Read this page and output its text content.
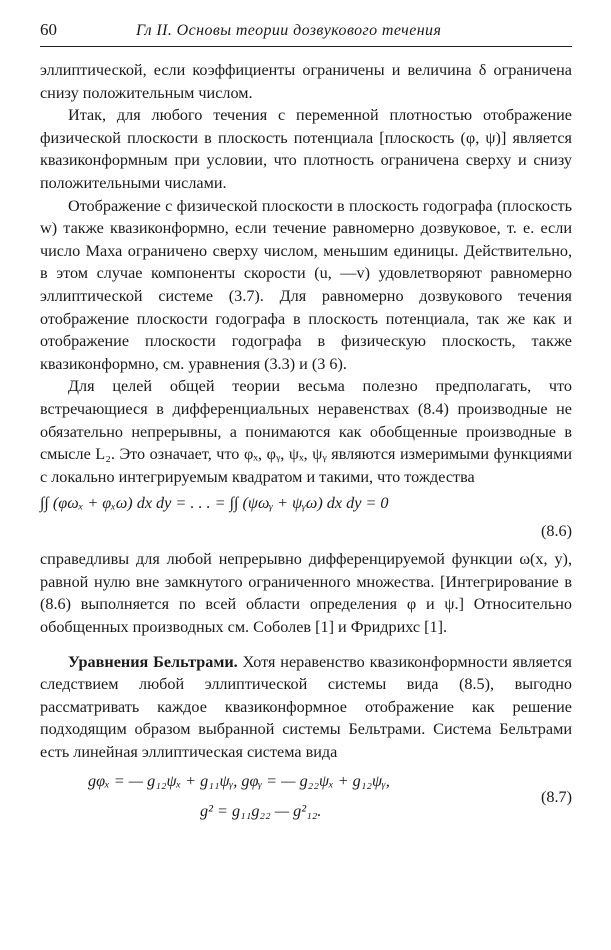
60	Гл II. Основы теории дозвукового течения

эллиптической, если коэффициенты ограничены и величина δ ограничена снизу положительным числом.

Итак, для любого течения с переменной плотностью отображение физической плоскости в плоскость потенциала [плоскость (φ, ψ)] является квазиконформным при условии, что плотность ограничена сверху и снизу положительными числами.

Отображение с физической плоскости в плоскость годографа (плоскость w) также квазиконформно, если течение равномерно дозвуковое, т. е. если число Маха ограничено сверху числом, меньшим единицы. Действительно, в этом случае компоненты скорости (u, —v) удовлетворяют равномерно эллиптической системе (3.7). Для равномерно дозвукового течения отображение плоскости годографа в плоскость потенциала, так же как и отображение плоскости годографа в физическую плоскость, также квазиконформно, см. уравнения (3.3) и (3 6).

Для целей общей теории весьма полезно предполагать, что встречающиеся в дифференциальных неравенствах (8.4) производные не обязательно непрерывны, а понимаются как обобщенные производные в смысле L₂. Это означает, что φₓ, φᵧ, ψₓ, ψᵧ являются измеримыми функциями с локально интегрируемым квадратом и такими, что тождества

∫∫ (φωₓ + φₓω) dx dy = . . . = ∫∫ (ψωᵧ + ψᵧω) dx dy = 0
(8.6)

справедливы для любой непрерывно дифференцируемой функции ω(x, y), равной нулю вне замкнутого ограниченного множества. [Интегрирование в (8.6) выполняется по всей области определения φ и ψ.] Относительно обобщенных производных см. Соболев [1] и Фридрихс [1].

Уравнения Бельтрами. Хотя неравенство квазиконформности является следствием любой эллиптической системы вида (8.5), выгодно рассматривать каждое квазиконформное отображение как решение подходящим образом выбранной системы Бельтрами. Система Бельтрами есть линейная эллиптическая система вида

gφₓ = — g₁₂ψₓ + g₁₁ψᵧ, gφᵧ = — g₂₂ψₓ + g₁₂ψᵧ,
g² = g₁₁g₂₂ — g²₁₂.
(8.7)
